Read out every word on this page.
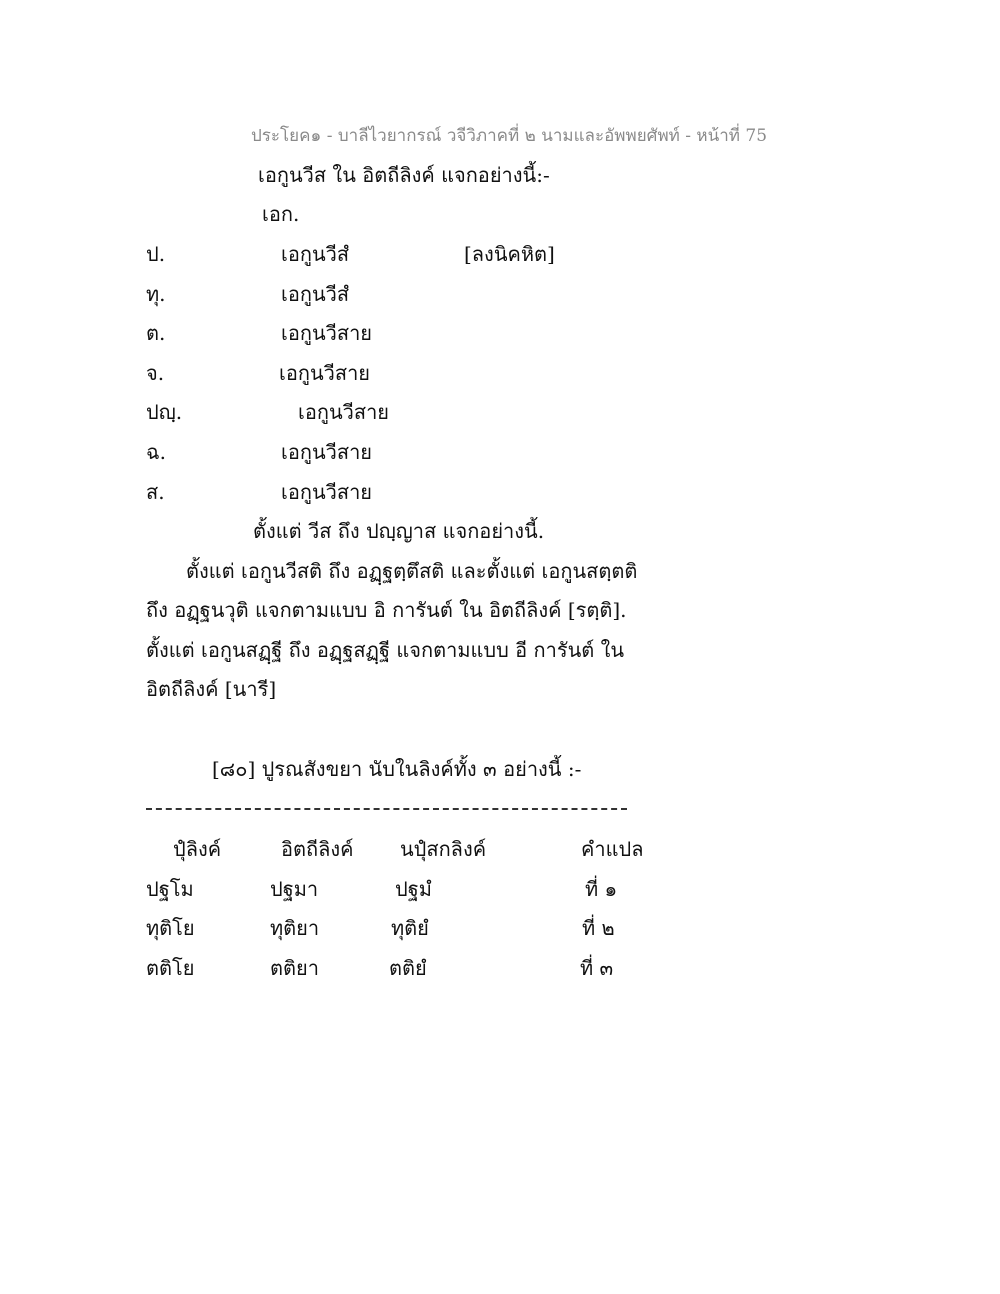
ประโยค๑ - บาลีไวยากรณ์ วจีวิภาคที่ ๒ นามและอัพพยศัพท์ - หน้าที่ 75
เอกูนวีส ใน อิตถีลิงค์ แจกอย่างนี้:-
เอก.
ป.	เอกูนวีสํ	[ลงนิคหิต]
ทุ.	เอกูนวีสํ
ต.	เอกูนวีสาย
จ.	เอกูนวีสาย
ปญฺ.	เอกูนวีสาย
ฉ.	เอกูนวีสาย
ส.	เอกูนวีสาย
ตั้งแต่ วีส ถึง ปญฺญาส แจกอย่างนี้.
ตั้งแต่ เอกูนวีสติ ถึง อฏฺฐตฺตึสติ และตั้งแต่ เอกูนสตฺตติ
ถึง อฏฺฐนวุติ แจกตามแบบ อิ การันต์ ใน อิตถีลิงค์ [รตฺติ].
ตั้งแต่ เอกูนสฏฺฐี ถึง อฏฺฐสฏฺฐี แจกตามแบบ อี การันต์ ใน
อิตถีลิงค์ [นารี]
[๘๐] ปูรณสังขยา นับในลิงค์ทั้ง ๓ อย่างนี้ :-
ปุํลิงค์	อิตถีลิงค์ นปุํสกลิงค์	คำแปล
ปฐโม	ปฐมา	ปฐมํ	ที่ ๑
ทุติโย	ทุติยา	ทุติยํ	ที่ ๒
ตติโย	ตติยา	ตติยํ	ที่ ๓
